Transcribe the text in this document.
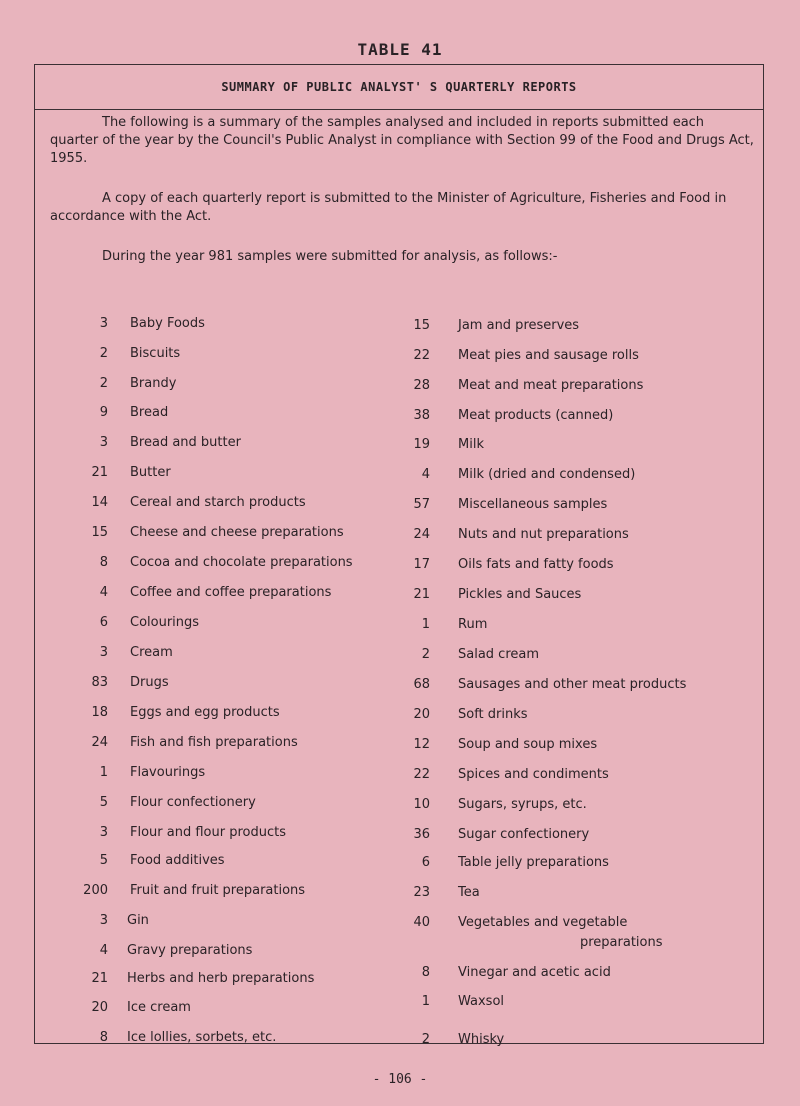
TABLE 41
SUMMARY OF PUBLIC ANALYST' S QUARTERLY REPORTS
The following is a summary of the samples analysed and included in reports submitted each quarter of the year by the Council's Public Analyst in compliance with Section 99 of the Food and Drugs Act, 1955.
A copy of each quarterly report is submitted to the Minister of Agriculture, Fisheries and Food in accordance with the Act.
During the year 981 samples were submitted for analysis, as follows:-
3 Baby Foods
2 Biscuits
2 Brandy
9 Bread
3 Bread and butter
21 Butter
14 Cereal and starch products
15 Cheese and cheese preparations
8 Cocoa and chocolate preparations
4 Coffee and coffee preparations
6 Colourings
3 Cream
83 Drugs
18 Eggs and egg products
24 Fish and fish preparations
1 Flavourings
5 Flour confectionery
3 Flour and flour products
5 Food additives
200 Fruit and fruit preparations
3 Gin
4 Gravy preparations
21 Herbs and herb preparations
20 Ice cream
8 Ice lollies, sorbets, etc.
15 Jam and preserves
22 Meat pies and sausage rolls
28 Meat and meat preparations
38 Meat products (canned)
19 Milk
4 Milk (dried and condensed)
57 Miscellaneous samples
24 Nuts and nut preparations
17 Oils fats and fatty foods
21 Pickles and Sauces
1 Rum
2 Salad cream
68 Sausages and other meat products
20 Soft drinks
12 Soup and soup mixes
22 Spices and condiments
10 Sugars, syrups, etc.
36 Sugar confectionery
6 Table jelly preparations
23 Tea
40 Vegetables and vegetable
preparations
8 Vinegar and acetic acid
1 Waxsol
2 Whisky
- 106 -
